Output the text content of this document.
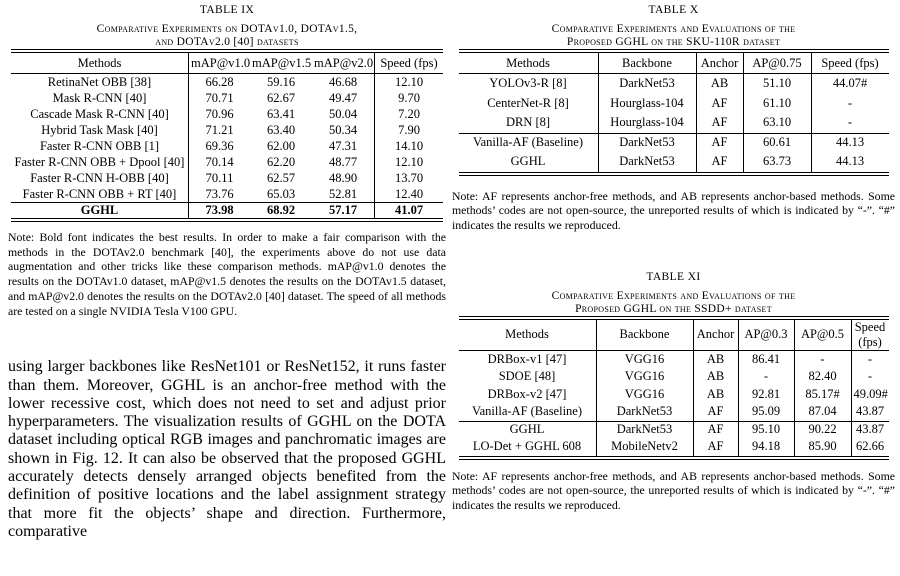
TABLE IX
Comparative Experiments on DOTAv1.0, DOTAv1.5,
and DOTAv2.0 [40] datasets
Methods	mAP@v1.0	mAP@v1.5	mAP@v2.0	Speed (fps)
RetinaNet OBB [38]	66.28	59.16	46.68	12.10
Mask R-CNN [40]	70.71	62.67	49.47	9.70
Cascade Mask R-CNN [40]	70.96	63.41	50.04	7.20
Hybrid Task Mask [40]	71.21	63.40	50.34	7.90
Faster R-CNN OBB [1]	69.36	62.00	47.31	14.10
Faster R-CNN OBB + Dpool [40]	70.14	62.20	48.77	12.10
Faster R-CNN H-OBB [40]	70.11	62.57	48.90	13.70
Faster R-CNN OBB + RT [40]	73.76	65.03	52.81	12.40
GGHL	73.98	68.92	57.17	41.07
Note: Bold font indicates the best results. In order to make a fair comparison with the methods in the DOTAv2.0 benchmark [40], the experiments above do not use data augmentation and other tricks like these comparison methods. mAP@v1.0 denotes the results on the DOTAv1.0 dataset, mAP@v1.5 denotes the results on the DOTAv1.5 dataset, and mAP@v2.0 denotes the results on the DOTAv2.0 [40] dataset. The speed of all methods are tested on a single NVIDIA Tesla V100 GPU.
using larger backbones like ResNet101 or ResNet152, it runs faster than them. Moreover, GGHL is an anchor-free method with the lower recessive cost, which does not need to set and adjust prior hyperparameters. The visualization results of GGHL on the DOTA dataset including optical RGB images and panchromatic images are shown in Fig. 12. It can also be observed that the proposed GGHL accurately detects densely arranged objects benefited from the definition of positive locations and the label assignment strategy that more fit the objects’ shape and direction. Furthermore, comparative
TABLE X
Comparative Experiments and Evaluations of the
Proposed GGHL on the SKU-110R dataset
Methods	Backbone	Anchor	AP@0.75	Speed (fps)
YOLOv3-R [8]	DarkNet53	AB	51.10	44.07#
CenterNet-R [8]	Hourglass-104	AF	61.10	-
DRN [8]	Hourglass-104	AF	63.10	-
Vanilla-AF (Baseline)	DarkNet53	AF	60.61	44.13
GGHL	DarkNet53	AF	63.73	44.13
Note: AF represents anchor-free methods, and AB represents anchor-based methods. Some methods’ codes are not open-source, the unreported results of which is indicated by “-”. “#” indicates the results we reproduced.
TABLE XI
Comparative Experiments and Evaluations of the
Proposed GGHL on the SSDD+ dataset
Methods	Backbone	Anchor	AP@0.3	AP@0.5	Speed (fps)
DRBox-v1 [47]	VGG16	AB	86.41	-	-
SDOE [48]	VGG16	AB	-	82.40	-
DRBox-v2 [47]	VGG16	AB	92.81	85.17#	49.09#
Vanilla-AF (Baseline)	DarkNet53	AF	95.09	87.04	43.87
GGHL	DarkNet53	AF	95.10	90.22	43.87
LO-Det + GGHL 608	MobileNetv2	AF	94.18	85.90	62.66
Note: AF represents anchor-free methods, and AB represents anchor-based methods. Some methods’ codes are not open-source, the unreported results of which is indicated by “-”. “#” indicates the results we reproduced.
